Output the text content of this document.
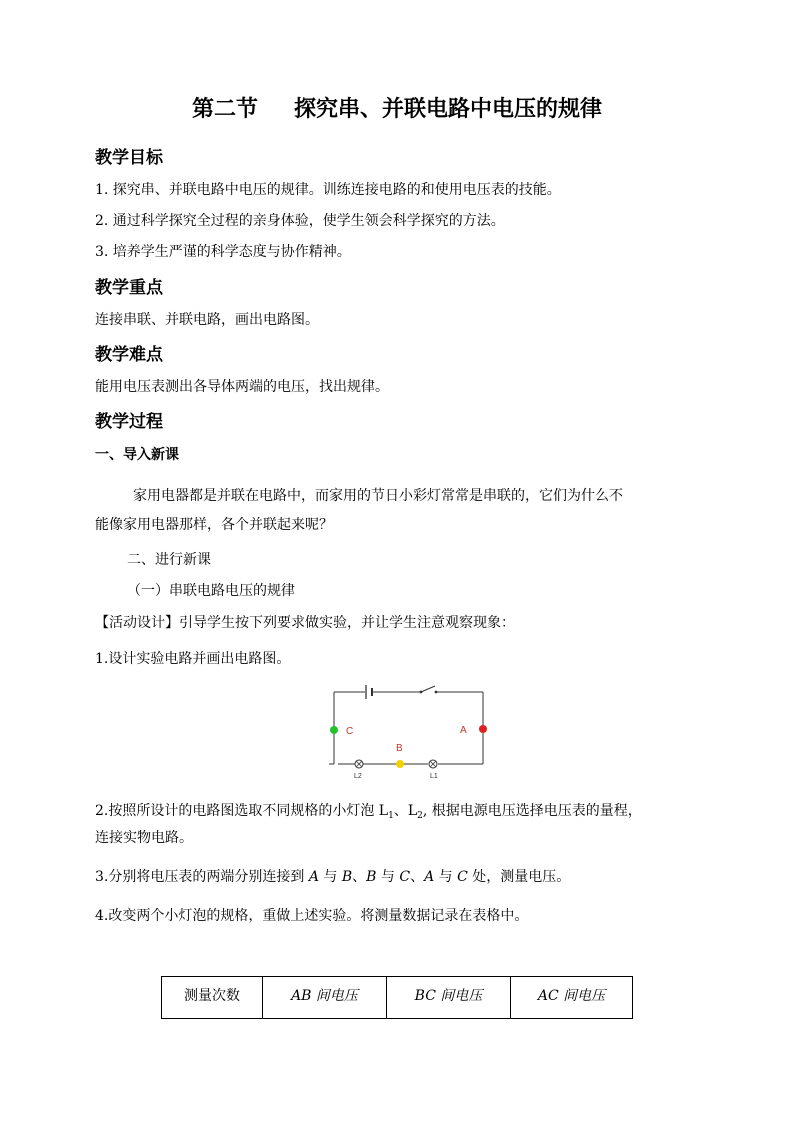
第二节 探究串、并联电路中电压的规律
教学目标
1. 探究串、并联电路中电压的规律。训练连接电路的和使用电压表的技能。
2. 通过科学探究全过程的亲身体验，使学生领会科学探究的方法。
3. 培养学生严谨的科学态度与协作精神。
教学重点
连接串联、并联电路，画出电路图。
教学难点
能用电压表测出各导体两端的电压，找出规律。
教学过程
一、导入新课
家用电器都是并联在电路中，而家用的节日小彩灯常常是串联的，它们为什么不
能像家用电器那样，各个并联起来呢？
二、进行新课
（一）串联电路电压的规律
【活动设计】引导学生按下列要求做实验，并让学生注意观察现象：
1.设计实验电路并画出电路图。
C	A
B
L2	L1
2.按照所设计的电路图选取不同规格的小灯泡 $L_1$、$L_2$, 根据电源电压选择电压表的量程，
连接实物电路。
3.分别将电压表的两端分别连接到 A 与 B、B 与 C、A 与 C 处，测量电压。
4.改变两个小灯泡的规格，重做上述实验。将测量数据记录在表格中。
测量次数	AB 间电压	BC 间电压	AC 间电压
